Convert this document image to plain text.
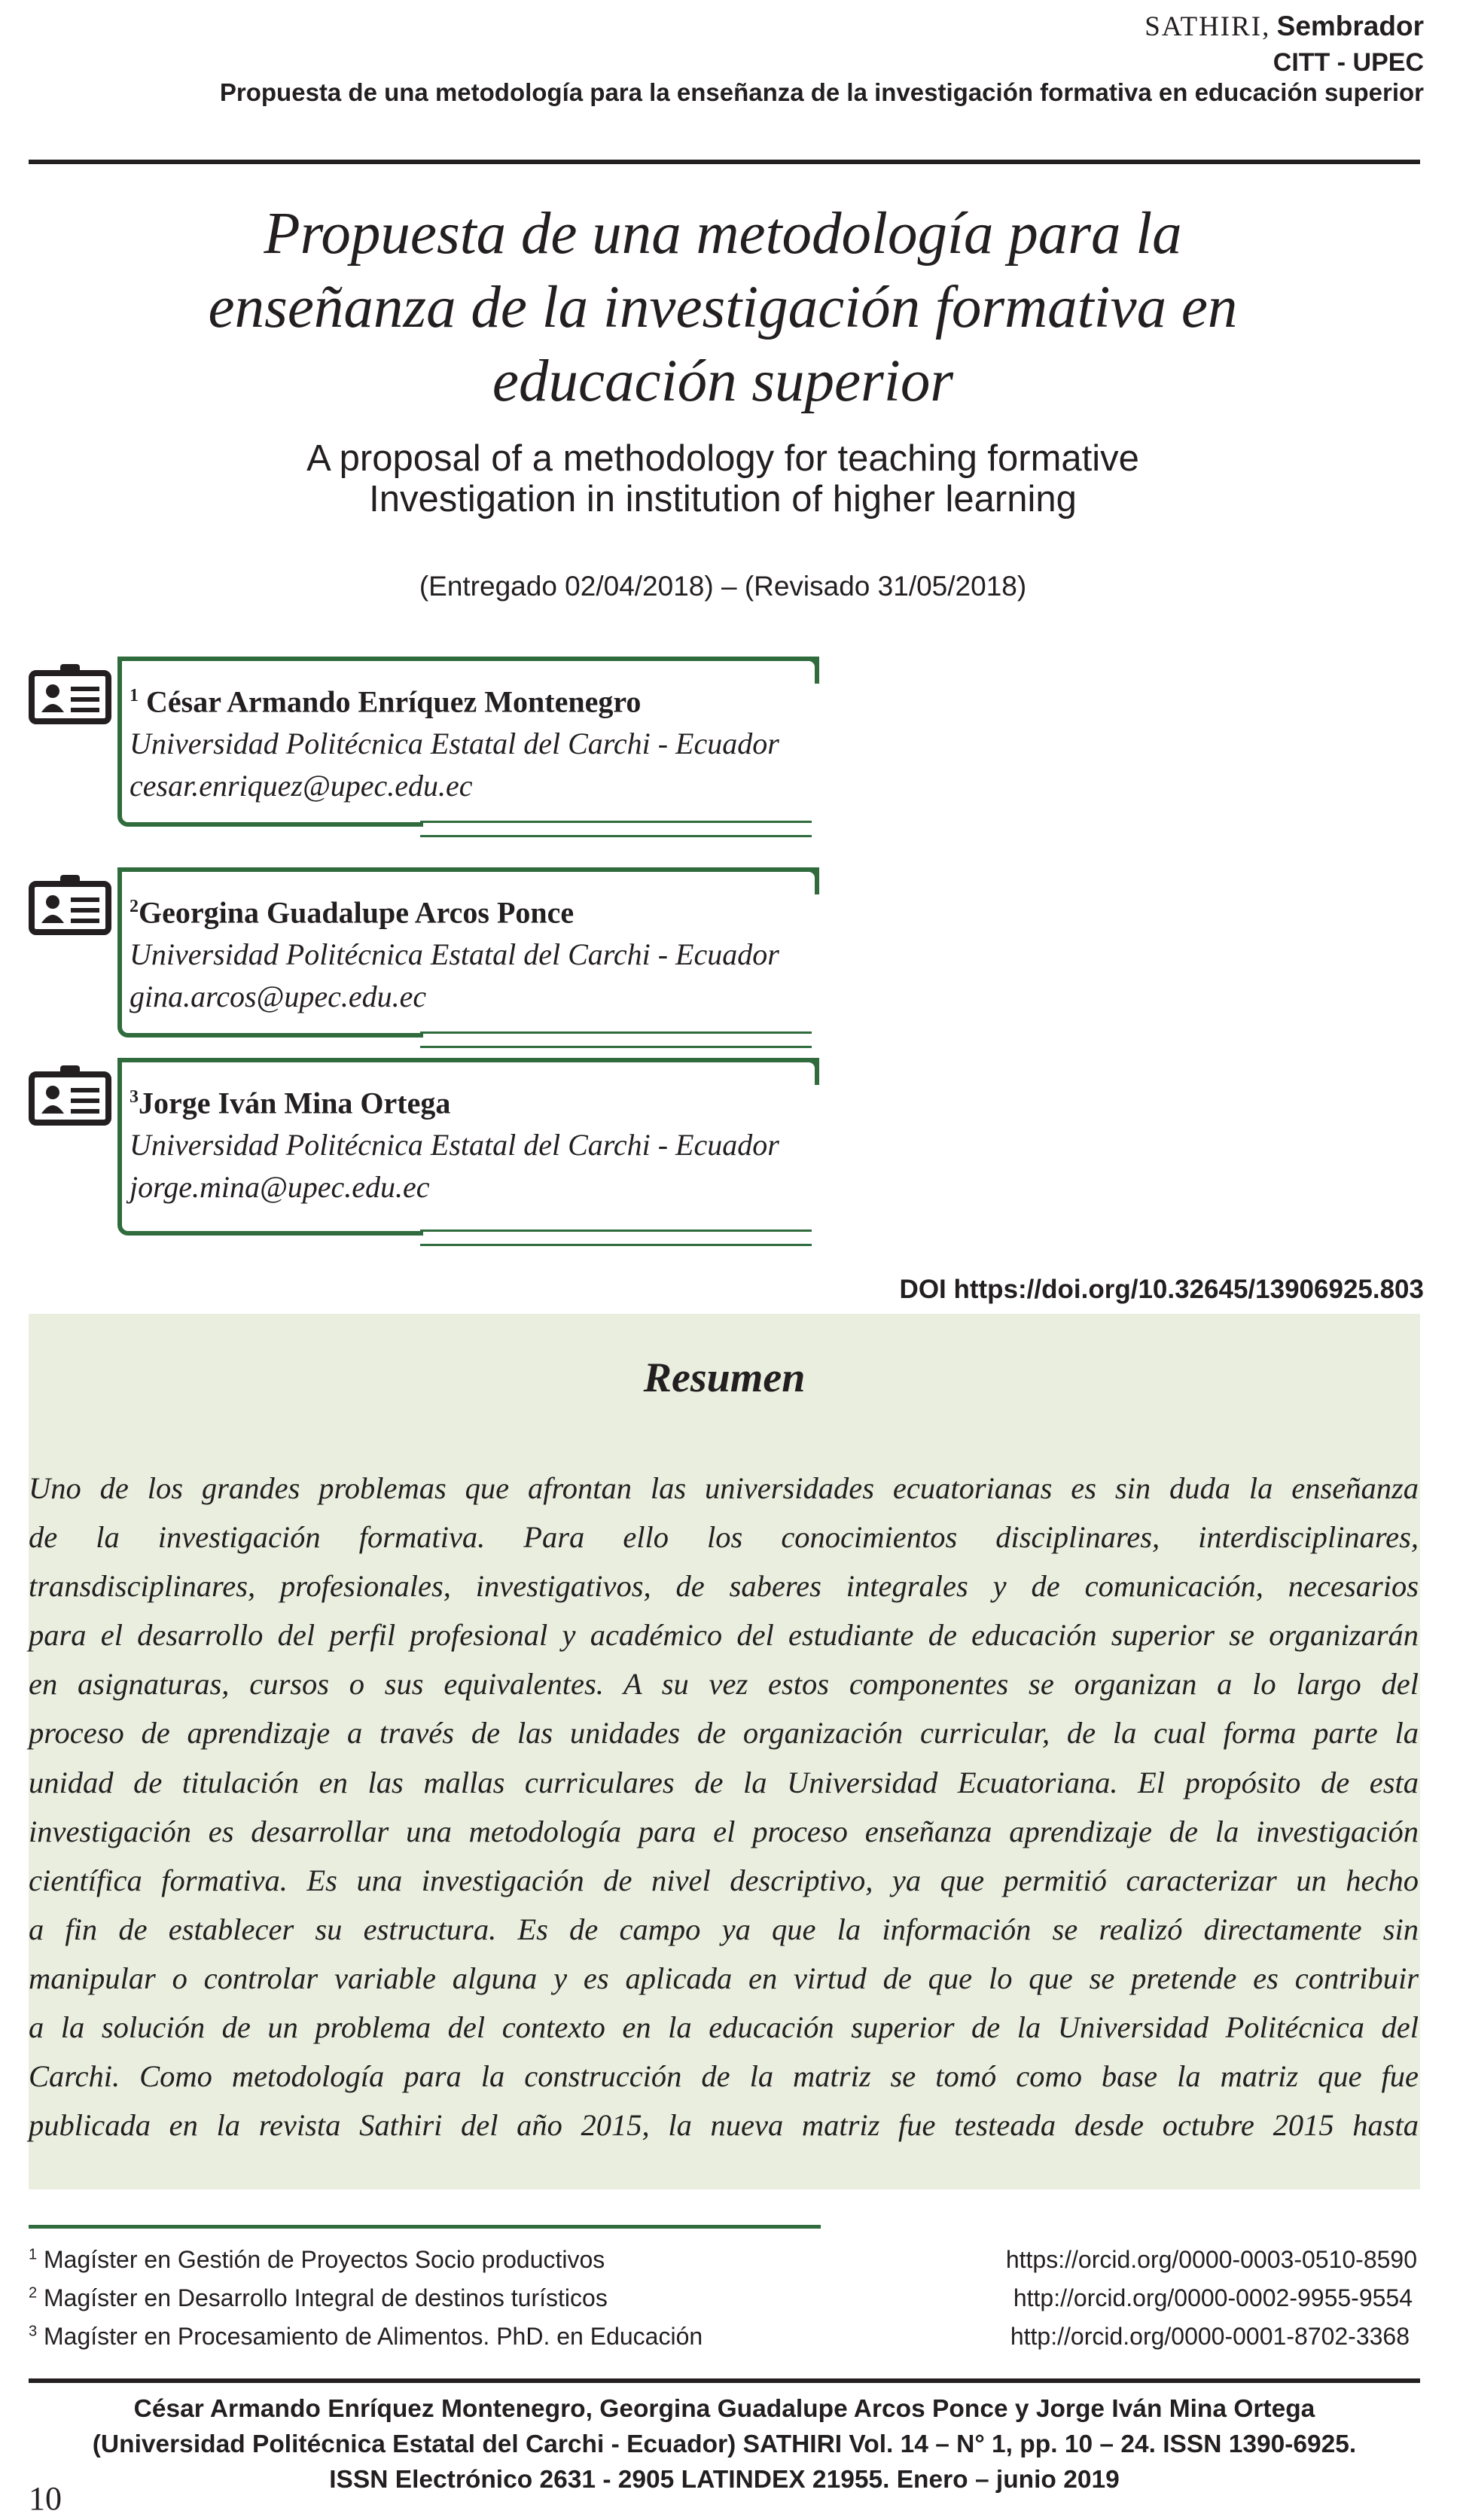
SATHIRI, Sembrador
CITT - UPEC
Propuesta de una metodología para la enseñanza de la investigación formativa en educación superior
Propuesta de una metodología para la
enseñanza de la investigación formativa en
educación superior
A proposal of a methodology for teaching formative
Investigation in institution of higher learning
(Entregado 02/04/2018) – (Revisado 31/05/2018)
$^1$ César Armando Enríquez Montenegro
Universidad Politécnica Estatal del Carchi - Ecuador
cesar.enriquez@upec.edu.ec
$^2$Georgina Guadalupe Arcos Ponce
Universidad Politécnica Estatal del Carchi - Ecuador
gina.arcos@upec.edu.ec
$^3$Jorge Iván Mina Ortega
Universidad Politécnica Estatal del Carchi - Ecuador
jorge.mina@upec.edu.ec
DOI https://doi.org/10.32645/13906925.803
Resumen
Uno de los grandes problemas que afrontan las universidades ecuatorianas es sin duda la enseñanza
de la investigación formativa. Para ello los conocimientos disciplinares, interdisciplinares,
transdisciplinares, profesionales, investigativos, de saberes integrales y de comunicación, necesarios
para el desarrollo del perfil profesional y académico del estudiante de educación superior se organizarán
en asignaturas, cursos o sus equivalentes. A su vez estos componentes se organizan a lo largo del
proceso de aprendizaje a través de las unidades de organización curricular, de la cual forma parte la
unidad de titulación en las mallas curriculares de la Universidad Ecuatoriana. El propósito de esta
investigación es desarrollar una metodología para el proceso enseñanza aprendizaje de la investigación
científica formativa. Es una investigación de nivel descriptivo, ya que permitió caracterizar un hecho
a fin de establecer su estructura. Es de campo ya que la información se realizó directamente sin
manipular o controlar variable alguna y es aplicada en virtud de que lo que se pretende es contribuir
a la solución de un problema del contexto en la educación superior de la Universidad Politécnica del
Carchi. Como metodología para la construcción de la matriz se tomó como base la matriz que fue
publicada en la revista Sathiri del año 2015, la nueva matriz fue testeada desde octubre 2015 hasta
$^1$ Magíster en Gestión de Proyectos Socio productivos	https://orcid.org/0000-0003-0510-8590
$^2$ Magíster en Desarrollo Integral de destinos turísticos	http://orcid.org/0000-0002-9955-9554
$^3$ Magíster en Procesamiento de Alimentos. PhD. en Educación	http://orcid.org/0000-0001-8702-3368
César Armando Enríquez Montenegro, Georgina Guadalupe Arcos Ponce y Jorge Iván Mina Ortega
(Universidad Politécnica Estatal del Carchi - Ecuador) SATHIRI Vol. 14 – N° 1, pp. 10 – 24. ISSN 1390-6925.
ISSN Electrónico 2631 - 2905 LATINDEX 21955. Enero – junio 2019
10
